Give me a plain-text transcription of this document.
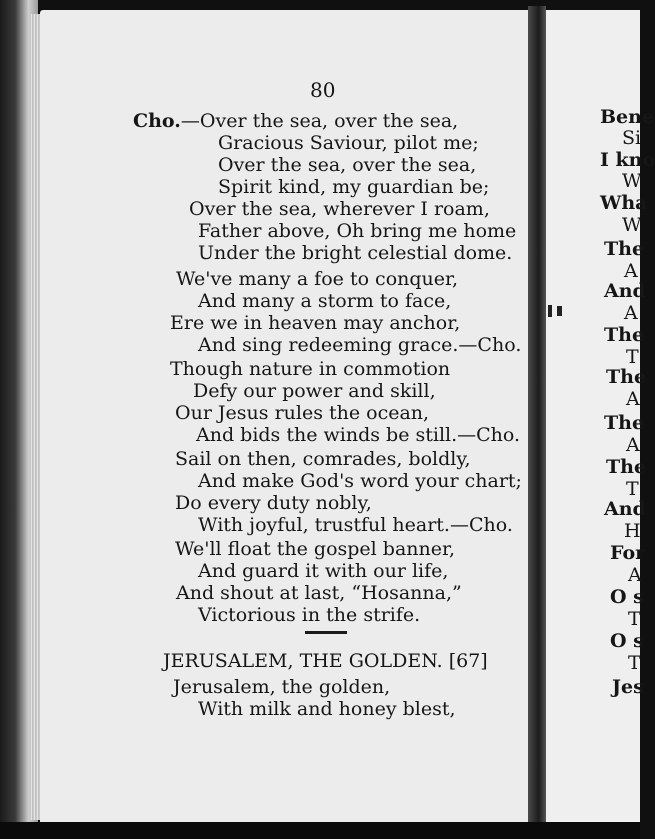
80
Cho.—Over the sea, over the sea,
Gracious Saviour, pilot me;
Over the sea, over the sea,
Spirit kind, my guardian be;
Over the sea, wherever I roam,
Father above, Oh bring me home
Under the bright celestial dome.
We've many a foe to conquer,
And many a storm to face,
Ere we in heaven may anchor,
And sing redeeming grace.—Cho.
Though nature in commotion
Defy our power and skill,
Our Jesus rules the ocean,
And bids the winds be still.—Cho.
Sail on then, comrades, boldly,
And make God's word your chart;
Do every duty nobly,
With joyful, trustful heart.—Cho.
We'll float the gospel banner,
And guard it with our life,
And shout at last, “Hosanna,”
Victorious in the strife.
JERUSALEM, THE GOLDEN. [67]
Jerusalem, the golden,
With milk and honey blest,
Bene
Si
I kno
W
Wha
W
The
A
And
A
The
T
The
A
The
A
The
T
And
H
For
A
O s
T
O s
T
Jes
